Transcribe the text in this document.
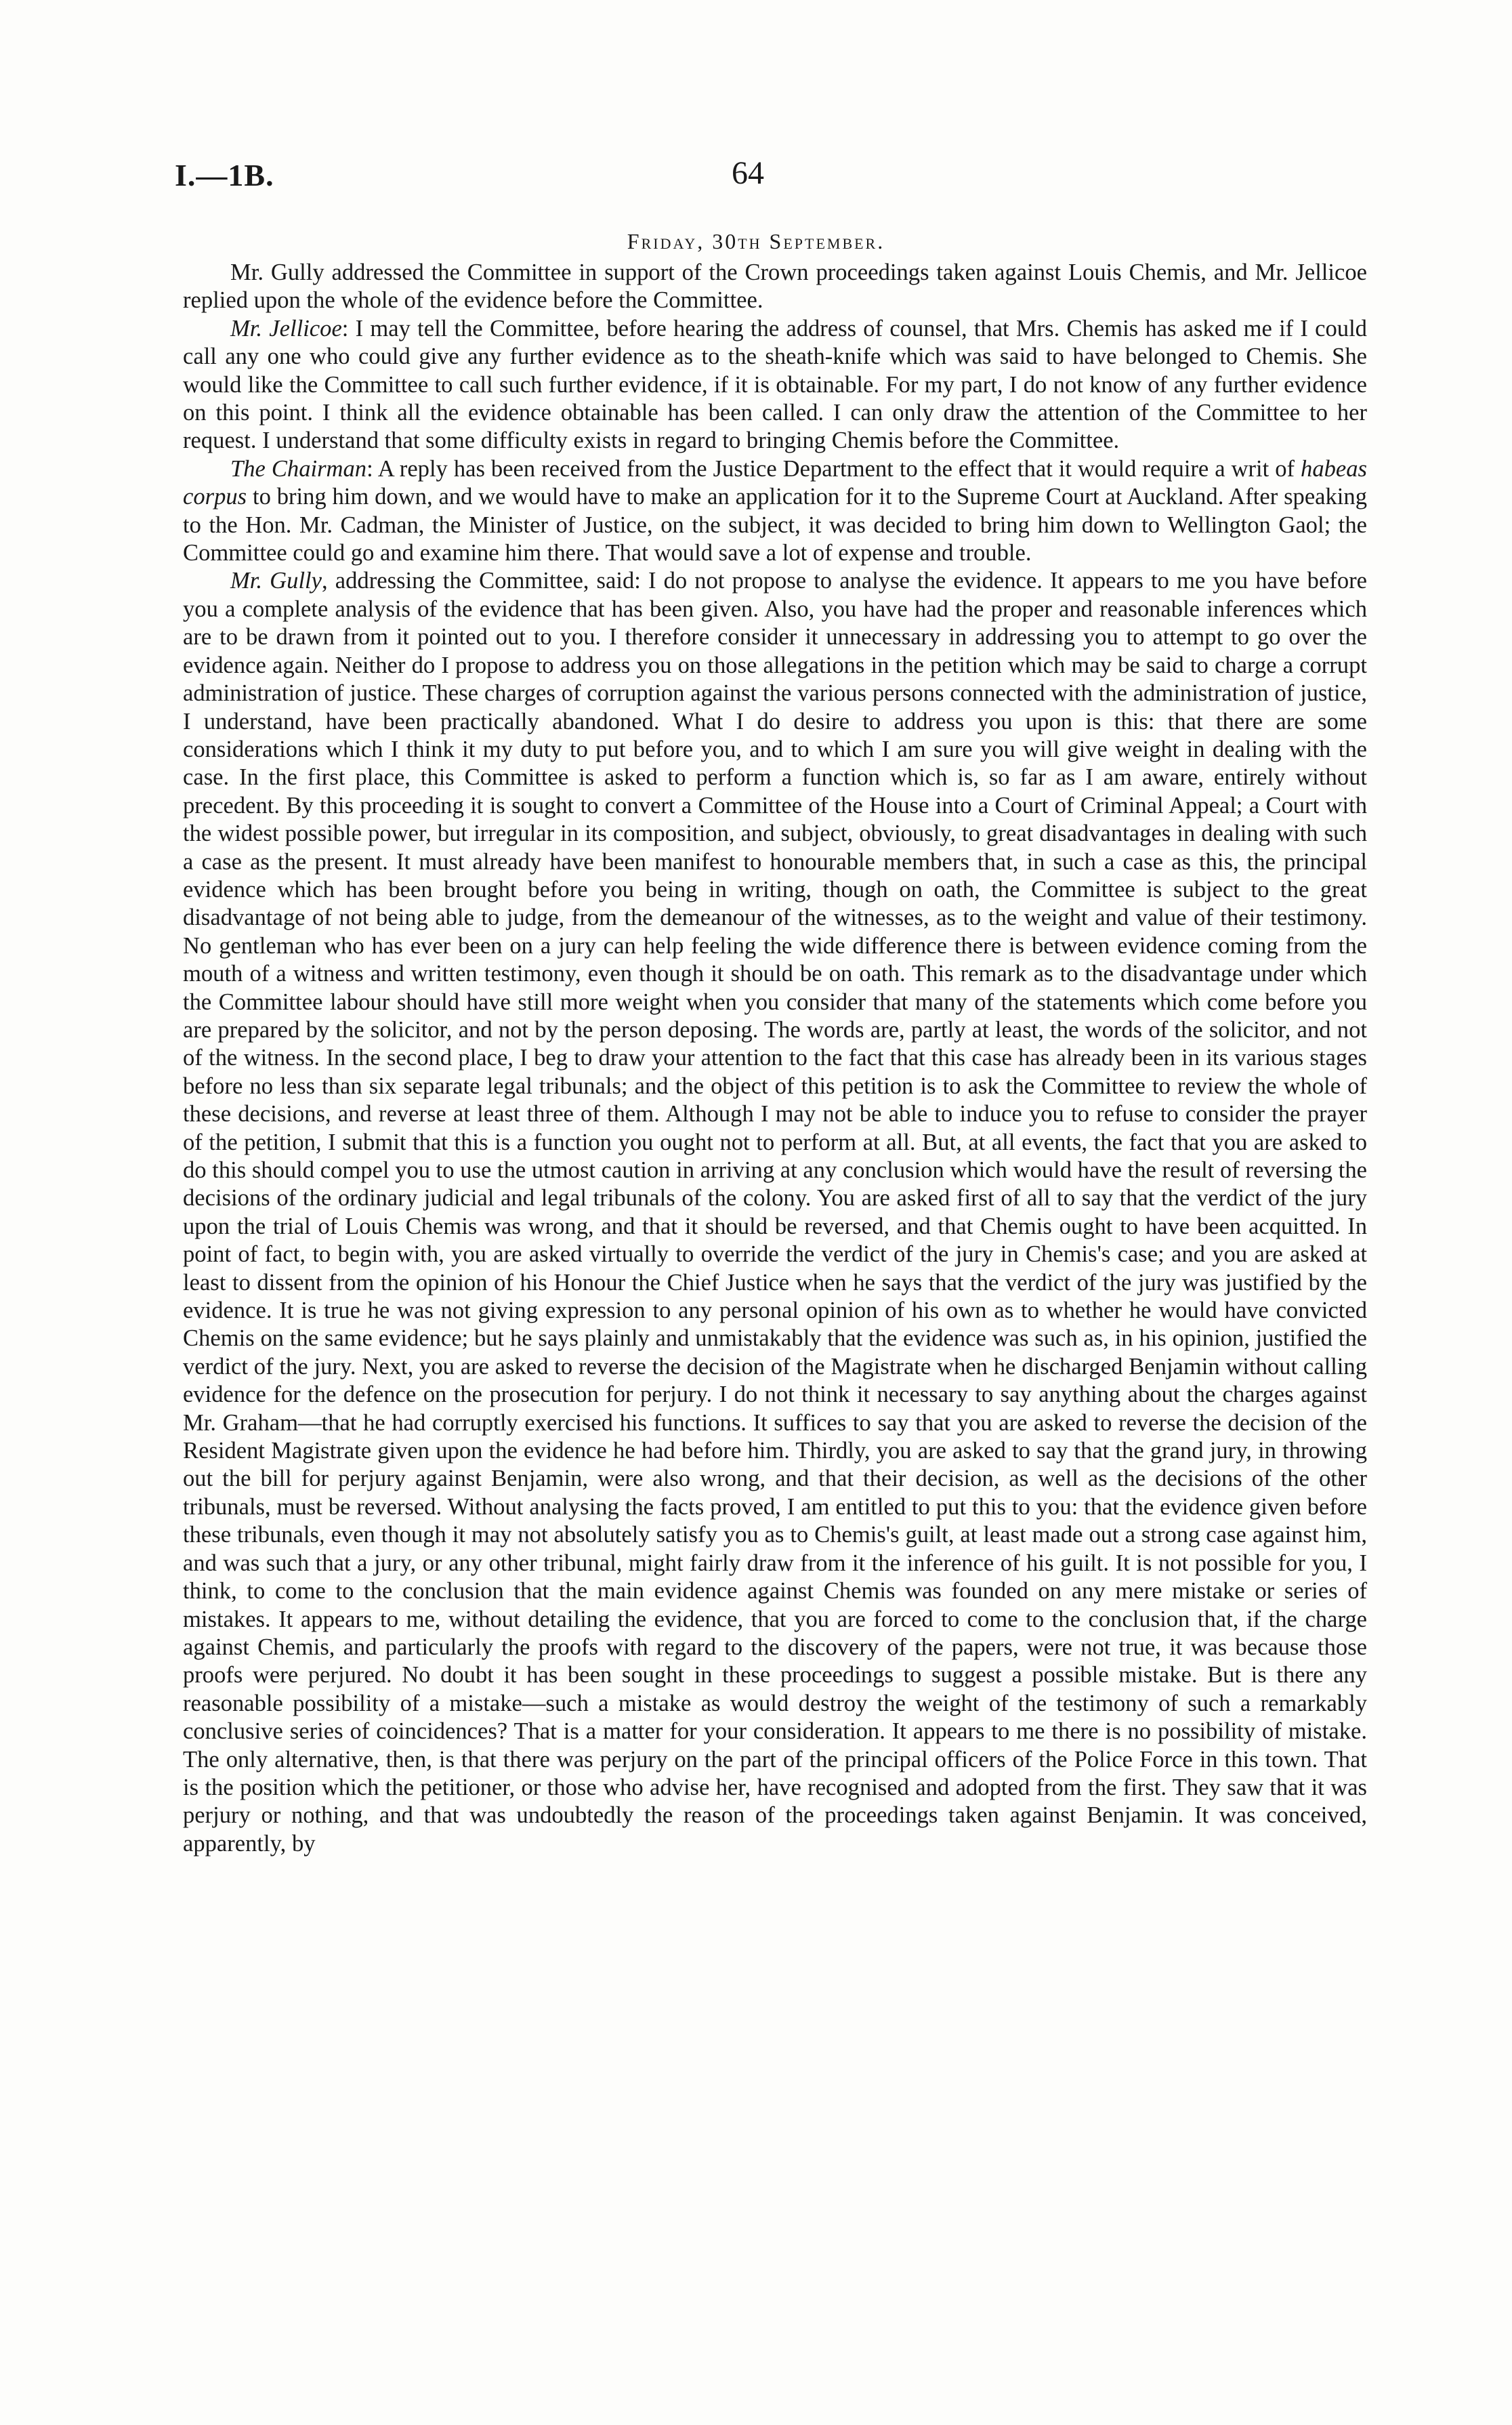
I.—1B.	64
Friday, 30th September.

Mr. Gully addressed the Committee in support of the Crown proceedings taken against Louis Chemis, and Mr. Jellicoe replied upon the whole of the evidence before the Committee.

Mr. Jellicoe: I may tell the Committee, before hearing the address of counsel, that Mrs. Chemis has asked me if I could call any one who could give any further evidence as to the sheath-knife which was said to have belonged to Chemis. She would like the Committee to call such further evidence, if it is obtainable. For my part, I do not know of any further evidence on this point. I think all the evidence obtainable has been called. I can only draw the attention of the Committee to her request. I understand that some difficulty exists in regard to bringing Chemis before the Committee.

The Chairman: A reply has been received from the Justice Department to the effect that it would require a writ of habeas corpus to bring him down, and we would have to make an application for it to the Supreme Court at Auckland. After speaking to the Hon. Mr. Cadman, the Minister of Justice, on the subject, it was decided to bring him down to Wellington Gaol; the Committee could go and examine him there. That would save a lot of expense and trouble.

Mr. Gully, addressing the Committee, said: I do not propose to analyse the evidence. It appears to me you have before you a complete analysis of the evidence that has been given. Also, you have had the proper and reasonable inferences which are to be drawn from it pointed out to you. I therefore consider it unnecessary in addressing you to attempt to go over the evidence again. Neither do I propose to address you on those allegations in the petition which may be said to charge a corrupt administration of justice. These charges of corruption against the various persons connected with the administration of justice, I understand, have been practically abandoned. What I do desire to address you upon is this: that there are some considerations which I think it my duty to put before you, and to which I am sure you will give weight in dealing with the case. In the first place, this Committee is asked to perform a function which is, so far as I am aware, entirely without precedent. By this proceeding it is sought to convert a Committee of the House into a Court of Criminal Appeal; a Court with the widest possible power, but irregular in its composition, and subject, obviously, to great disadvantages in dealing with such a case as the present. It must already have been manifest to honourable members that, in such a case as this, the principal evidence which has been brought before you being in writing, though on oath, the Committee is subject to the great disadvantage of not being able to judge, from the demeanour of the witnesses, as to the weight and value of their testimony. No gentleman who has ever been on a jury can help feeling the wide difference there is between evidence coming from the mouth of a witness and written testimony, even though it should be on oath. This remark as to the disadvantage under which the Committee labour should have still more weight when you consider that many of the statements which come before you are prepared by the solicitor, and not by the person deposing. The words are, partly at least, the words of the solicitor, and not of the witness. In the second place, I beg to draw your attention to the fact that this case has already been in its various stages before no less than six separate legal tribunals; and the object of this petition is to ask the Committee to review the whole of these decisions, and reverse at least three of them. Although I may not be able to induce you to refuse to consider the prayer of the petition, I submit that this is a function you ought not to perform at all. But, at all events, the fact that you are asked to do this should compel you to use the utmost caution in arriving at any conclusion which would have the result of reversing the decisions of the ordinary judicial and legal tribunals of the colony. You are asked first of all to say that the verdict of the jury upon the trial of Louis Chemis was wrong, and that it should be reversed, and that Chemis ought to have been acquitted. In point of fact, to begin with, you are asked virtually to override the verdict of the jury in Chemis's case; and you are asked at least to dissent from the opinion of his Honour the Chief Justice when he says that the verdict of the jury was justified by the evidence. It is true he was not giving expression to any personal opinion of his own as to whether he would have convicted Chemis on the same evidence; but he says plainly and unmistakably that the evidence was such as, in his opinion, justified the verdict of the jury. Next, you are asked to reverse the decision of the Magistrate when he discharged Benjamin without calling evidence for the defence on the prosecution for perjury. I do not think it necessary to say anything about the charges against Mr. Graham—that he had corruptly exercised his functions. It suffices to say that you are asked to reverse the decision of the Resident Magistrate given upon the evidence he had before him. Thirdly, you are asked to say that the grand jury, in throwing out the bill for perjury against Benjamin, were also wrong, and that their decision, as well as the decisions of the other tribunals, must be reversed. Without analysing the facts proved, I am entitled to put this to you: that the evidence given before these tribunals, even though it may not absolutely satisfy you as to Chemis's guilt, at least made out a strong case against him, and was such that a jury, or any other tribunal, might fairly draw from it the inference of his guilt. It is not possible for you, I think, to come to the conclusion that the main evidence against Chemis was founded on any mere mistake or series of mistakes. It appears to me, without detailing the evidence, that you are forced to come to the conclusion that, if the charge against Chemis, and particularly the proofs with regard to the discovery of the papers, were not true, it was because those proofs were perjured. No doubt it has been sought in these proceedings to suggest a possible mistake. But is there any reasonable possibility of a mistake—such a mistake as would destroy the weight of the testimony of such a remarkably conclusive series of coincidences? That is a matter for your consideration. It appears to me there is no possibility of mistake. The only alternative, then, is that there was perjury on the part of the principal officers of the Police Force in this town. That is the position which the petitioner, or those who advise her, have recognised and adopted from the first. They saw that it was perjury or nothing, and that was undoubtedly the reason of the proceedings taken against Benjamin. It was conceived, apparently, by
